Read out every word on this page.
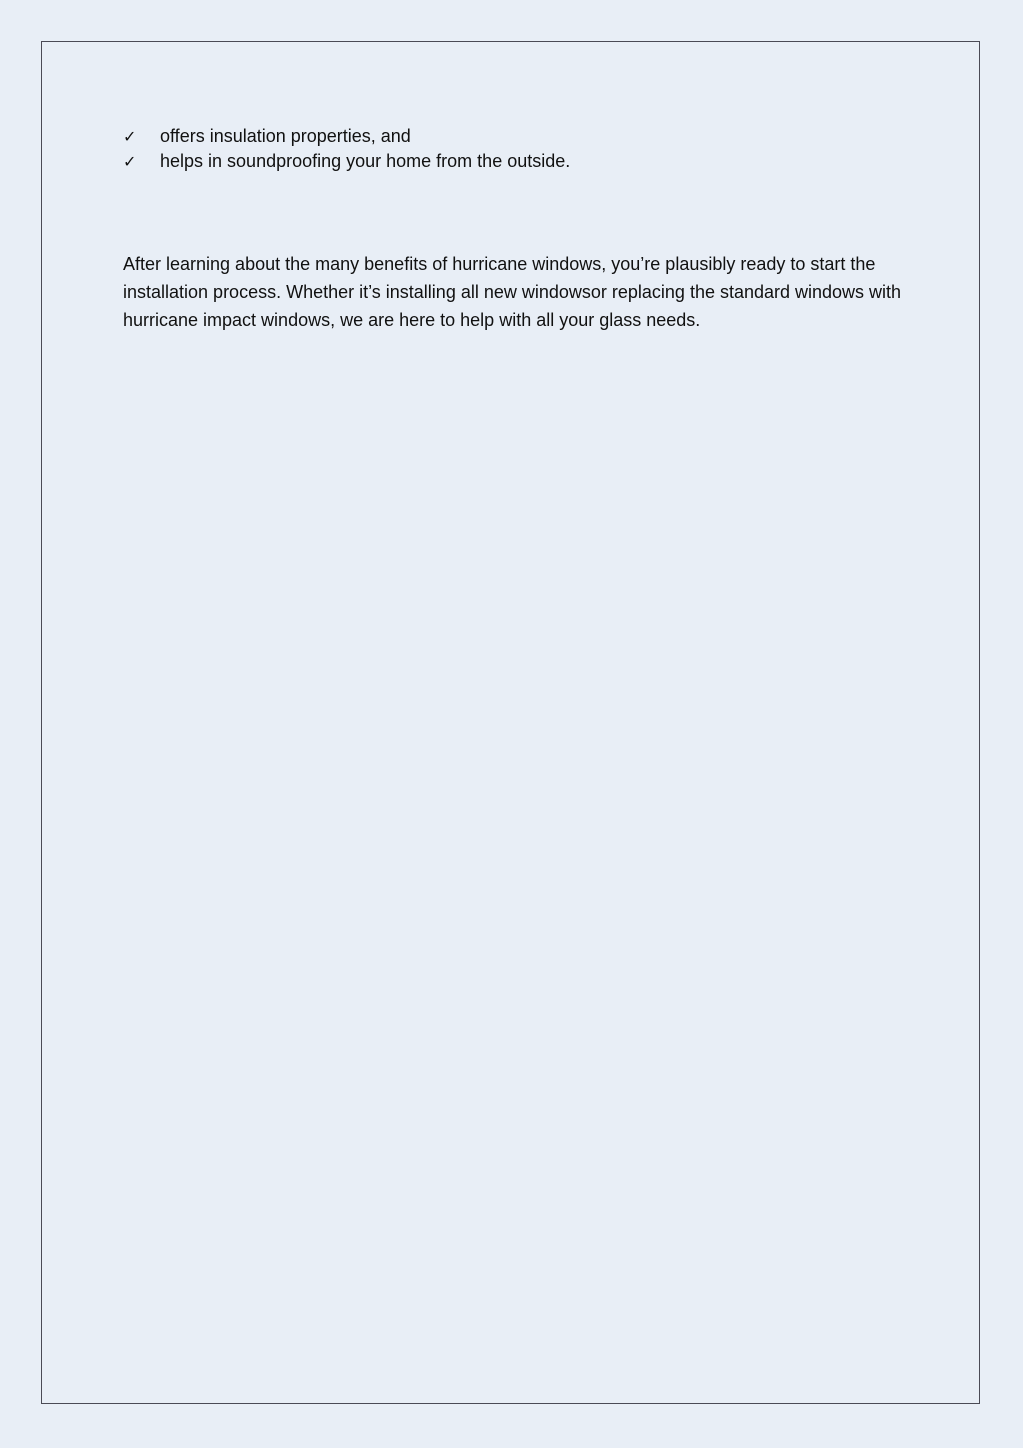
✓	offers insulation properties, and
✓	helps in soundproofing your home from the outside.

After learning about the many benefits of hurricane windows, you’re plausibly ready to start the installation process. Whether it’s installing all new windowsor replacing the standard windows with hurricane impact windows, we are here to help with all your glass needs.
